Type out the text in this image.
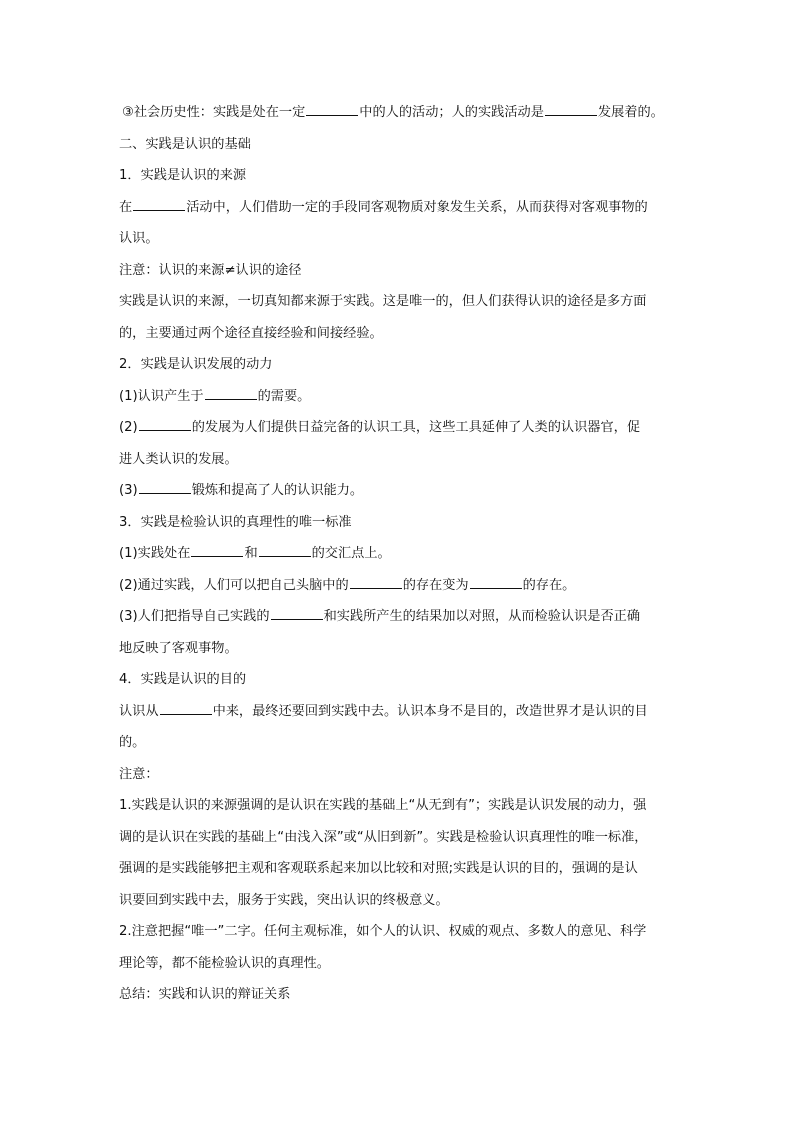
③社会历史性：实践是处在一定	中的人的活动；人的实践活动是	发展着的。
二、实践是认识的基础
1．实践是认识的来源
在	活动中，人们借助一定的手段同客观物质对象发生关系，从而获得对客观事物的
认识。
注意：认识的来源≠认识的途径
实践是认识的来源，一切真知都来源于实践。这是唯一的，但人们获得认识的途径是多方面
的，主要通过两个途径直接经验和间接经验。
2．实践是认识发展的动力
(1)认识产生于	的需要。
(2)	的发展为人们提供日益完备的认识工具，这些工具延伸了人类的认识器官，促
进人类认识的发展。
(3)	锻炼和提高了人的认识能力。
3．实践是检验认识的真理性的唯一标准
(1)实践处在	和	的交汇点上。
(2)通过实践，人们可以把自己头脑中的	的存在变为	的存在。
(3)人们把指导自己实践的	和实践所产生的结果加以对照，从而检验认识是否正确
地反映了客观事物。
4．实践是认识的目的
认识从	中来，最终还要回到实践中去。认识本身不是目的，改造世界才是认识的目
的。
注意：
1.实践是认识的来源强调的是认识在实践的基础上“从无到有”；实践是认识发展的动力，强
调的是认识在实践的基础上“由浅入深”或“从旧到新”。实践是检验认识真理性的唯一标准，
强调的是实践能够把主观和客观联系起来加以比较和对照;实践是认识的目的，强调的是认
识要回到实践中去，服务于实践，突出认识的终极意义。
2.注意把握“唯一”二字。任何主观标准，如个人的认识、权威的观点、多数人的意见、科学
理论等，都不能检验认识的真理性。
总结：实践和认识的辩证关系
